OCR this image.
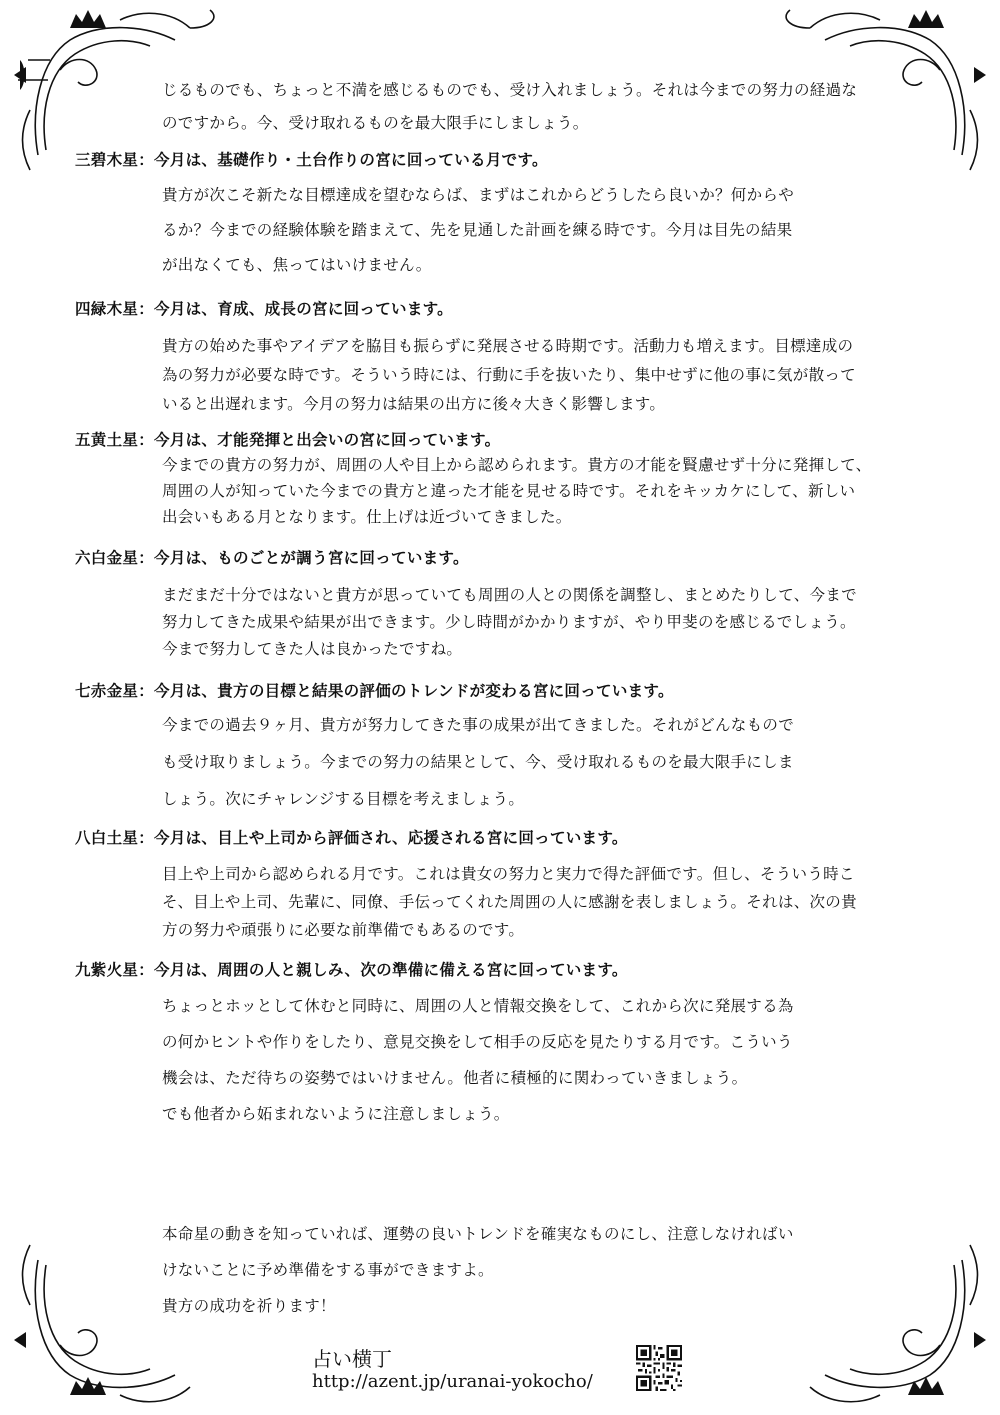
じるものでも、ちょっと不満を感じるものでも、受け入れましょう。それは今までの努力の経過な
のですから。今、受け取れるものを最大限手にしましょう。
三碧木星：今月は、基礎作り・土台作りの宮に回っている月です。
貴方が次こそ新たな目標達成を望むならば、まずはこれからどうしたら良いか？何からや
るか？今までの経験体験を踏まえて、先を見通した計画を練る時です。今月は目先の結果
が出なくても、焦ってはいけません。
四緑木星：今月は、育成、成長の宮に回っています。
貴方の始めた事やアイデアを脇目も振らずに発展させる時期です。活動力も増えます。目標達成の
為の努力が必要な時です。そういう時には、行動に手を抜いたり、集中せずに他の事に気が散って
いると出遅れます。今月の努力は結果の出方に後々大きく影響します。
五黄土星：今月は、才能発揮と出会いの宮に回っています。
今までの貴方の努力が、周囲の人や目上から認められます。貴方の才能を賢慮せず十分に発揮して、
周囲の人が知っていた今までの貴方と違った才能を見せる時です。それをキッカケにして、新しい
出会いもある月となります。仕上げは近づいてきました。
六白金星：今月は、ものごとが調う宮に回っています。
まだまだ十分ではないと貴方が思っていても周囲の人との関係を調整し、まとめたりして、今まで
努力してきた成果や結果が出できます。少し時間がかかりますが、やり甲斐のを感じるでしょう。
今まで努力してきた人は良かったですね。
七赤金星：今月は、貴方の目標と結果の評価のトレンドが変わる宮に回っています。
今までの過去９ヶ月、貴方が努力してきた事の成果が出てきました。それがどんなもので
も受け取りましょう。今までの努力の結果として、今、受け取れるものを最大限手にしま
しょう。次にチャレンジする目標を考えましょう。
八白土星：今月は、目上や上司から評価され、応援される宮に回っています。
目上や上司から認められる月です。これは貴女の努力と実力で得た評価です。但し、そういう時こ
そ、目上や上司、先輩に、同僚、手伝ってくれた周囲の人に感謝を表しましょう。それは、次の貴
方の努力や頑張りに必要な前準備でもあるのです。
九紫火星：今月は、周囲の人と親しみ、次の準備に備える宮に回っています。
ちょっとホッとして休むと同時に、周囲の人と情報交換をして、これから次に発展する為
の何かヒントや作りをしたり、意見交換をして相手の反応を見たりする月です。こういう
機会は、ただ待ちの姿勢ではいけません。他者に積極的に関わっていきましょう。
でも他者から妬まれないように注意しましょう。
本命星の動きを知っていれば、運勢の良いトレンドを確実なものにし、注意しなければい
けないことに予め準備をする事ができますよ。
貴方の成功を祈ります！
占い横丁
http://azent.jp/uranai-yokocho/
